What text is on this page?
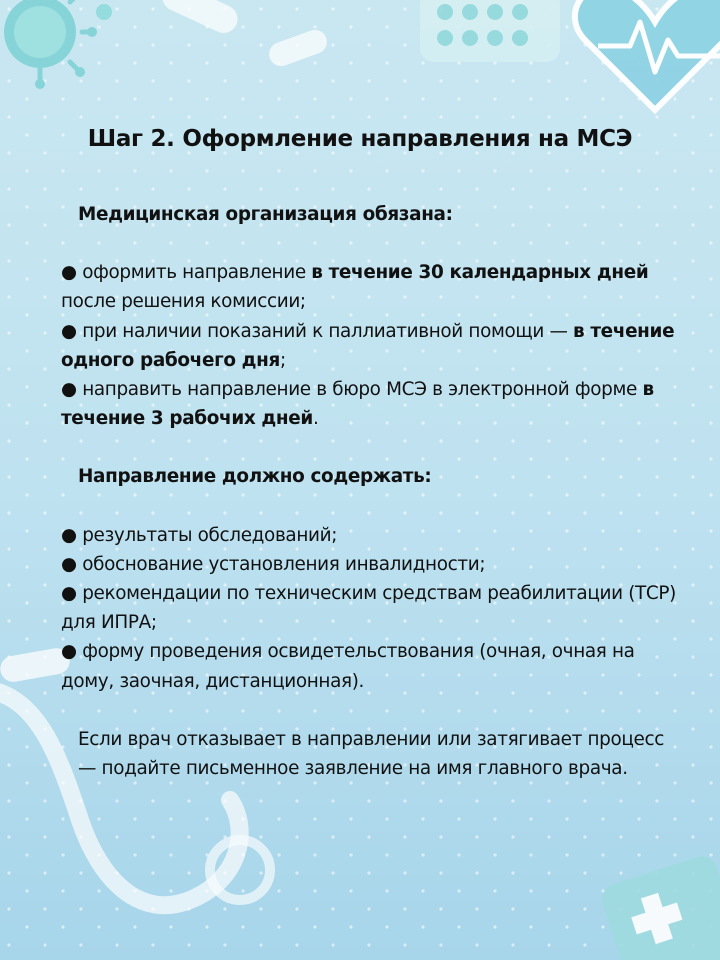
Шаг 2. Оформление направления на МСЭ

Медицинская организация обязана:

● оформить направление в течение 30 календарных дней после решения комиссии;

● при наличии показаний к паллиативной помощи — в течение одного рабочего дня;

● направить направление в бюро МСЭ в электронной форме в течение 3 рабочих дней.

Направление должно содержать:

● результаты обследований;

● обоснование установления инвалидности;

● рекомендации по техническим средствам реабилитации (ТСР) для ИПРА;

● форму проведения освидетельствования (очная, очная на дому, заочная, дистанционная).

Если врач отказывает в направлении или затягивает процесс — подайте письменное заявление на имя главного врача.
